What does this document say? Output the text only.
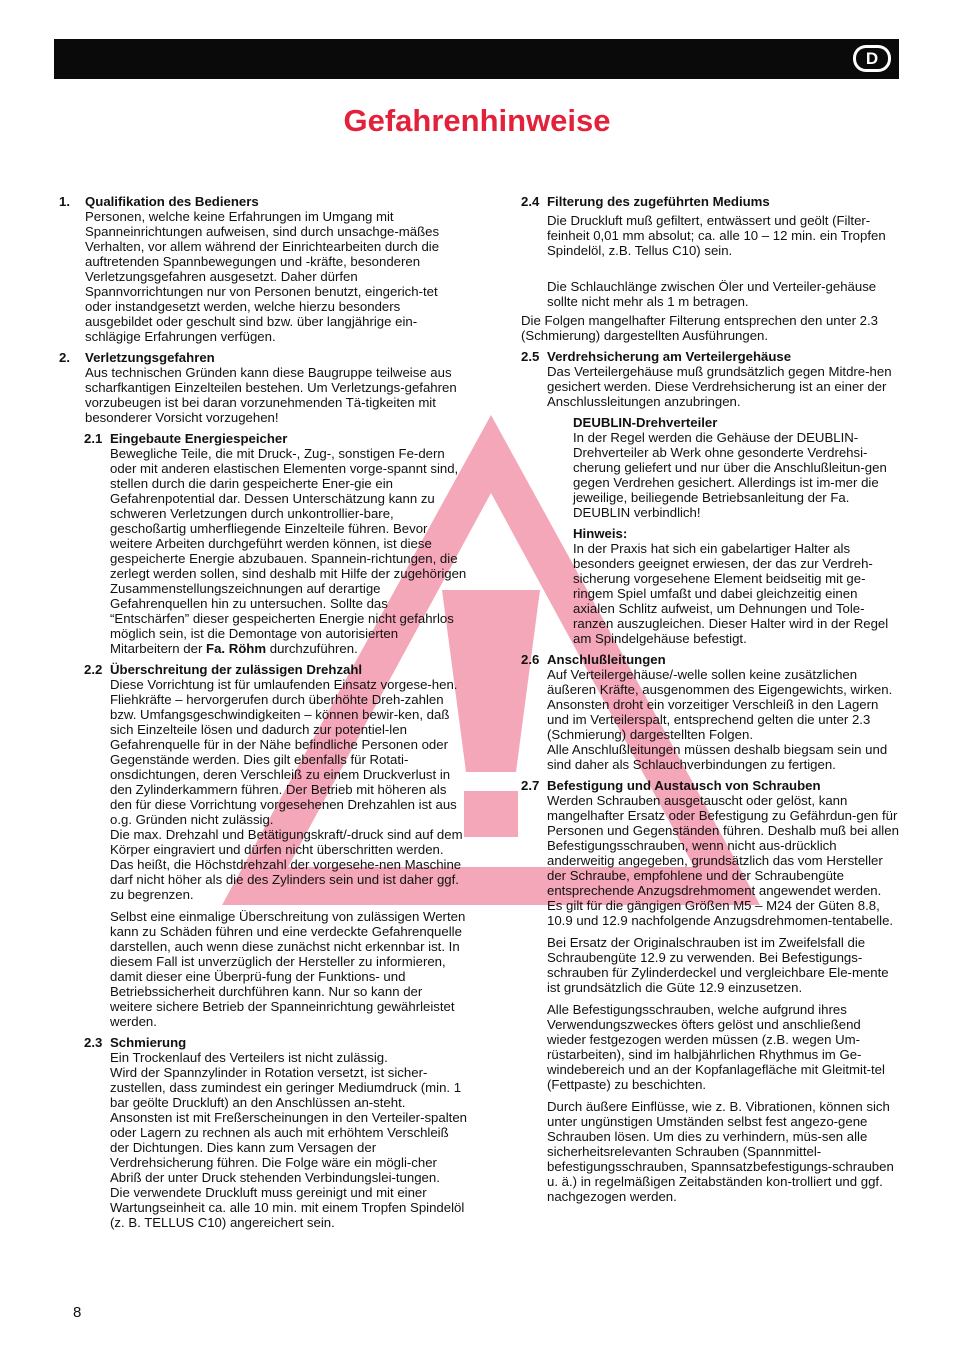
D
Gefahrenhinweise
1.	Qualifikation des Bedieners

Personen, welche keine Erfahrungen im Umgang mit Spanneinrichtungen aufweisen, sind durch unsachge-mäßes Verhalten, vor allem während der Einrichtearbeiten durch die auftretenden Spannbewegungen und -kräfte, besonderen Verletzungsgefahren ausgesetzt. Daher dürfen Spannvorrichtungen nur von Personen benutzt, eingerich-tet oder instandgesetzt werden, welche hierzu besonders ausgebildet oder geschult sind bzw. über langjährige ein-schlägige Erfahrungen verfügen.

2.	Verletzungsgefahren

Aus technischen Gründen kann diese Baugruppe teilweise aus scharfkantigen Einzelteilen bestehen. Um Verletzungs-gefahren vorzubeugen ist bei daran vorzunehmenden Tä-tigkeiten mit besonderer Vorsicht vorzugehen!

2.1 Eingebaute Energiespeicher

Bewegliche Teile, die mit Druck-, Zug-, sonstigen Fe-dern oder mit anderen elastischen Elementen vorge-spannt sind, stellen durch die darin gespeicherte Ener-gie ein Gefahrenpotential dar. Dessen Unterschätzung kann zu schweren Verletzungen durch unkontrollier-bare, geschoßartig umherfliegende Einzelteile führen. Bevor weitere Arbeiten durchgeführt werden können, ist diese gespeicherte Energie abzubauen. Spannein-richtungen, die zerlegt werden sollen, sind deshalb mit Hilfe der zugehörigen Zusammenstellungszeichnungen auf derartige Gefahrenquellen hin zu untersuchen. Sollte das “Entschärfen” dieser gespeicherten Energie nicht gefahrlos möglich sein, ist die Demontage von autorisierten Mitarbeitern der Fa. Röhm durchzuführen.

2.2 Überschreitung der zulässigen Drehzahl

Diese Vorrichtung ist für umlaufenden Einsatz vorgese-hen. Fliehkräfte – hervorgerufen durch überhöhte Dreh-zahlen bzw. Umfangsgeschwindigkeiten – können bewir-ken, daß sich Einzelteile lösen und dadurch zur potentiel-len Gefahrenquelle für in der Nähe befindliche Personen oder Gegenstände werden. Dies gilt ebenfalls für Rotati-onsdichtungen, deren Verschleiß zu einem Druckverlust in den Zylinderkammern führen. Der Betrieb mit höheren als den für diese Vorrichtung vorgesehenen Drehzahlen ist aus o.g. Gründen nicht zulässig.

Die max. Drehzahl und Betätigungskraft/-druck sind auf dem Körper eingraviert und dürfen nicht überschritten werden. Das heißt, die Höchstdrehzahl der vorgesehe-nen Maschine darf nicht höher als die des Zylinders sein und ist daher ggf. zu begrenzen.

Selbst eine einmalige Überschreitung von zulässigen Werten kann zu Schäden führen und eine verdeckte Gefahrenquelle darstellen, auch wenn diese zunächst nicht erkennbar ist. In diesem Fall ist unverzüglich der Hersteller zu informieren, damit dieser eine Überprü-fung der Funktions- und Betriebssicherheit durchführen kann. Nur so kann der weitere sichere Betrieb der Spanneinrichtung gewährleistet werden.

2.3 Schmierung

Ein Trockenlauf des Verteilers ist nicht zulässig.

Wird der Spannzylinder in Rotation versetzt, ist sicher-zustellen, dass zumindest ein geringer Mediumdruck (min. 1 bar geölte Druckluft) an den Anschlüssen an-steht.

Ansonsten ist mit Freßerscheinungen in den Verteiler-spalten oder Lagern zu rechnen als auch mit erhöhtem Verschleiß der Dichtungen. Dies kann zum Versagen der Verdrehsicherung führen. Die Folge wäre ein mögli-cher Abriß der unter Druck stehenden Verbindungslei-tungen.

Die verwendete Druckluft muss gereinigt und mit einer Wartungseinheit ca. alle 10 min. mit einem Tropfen Spindelöl (z. B. TELLUS C10) angereichert sein.

2.4 Filterung des zugeführten Mediums

Die Druckluft muß gefiltert, entwässert und geölt (Filter-feinheit 0,01 mm absolut; ca. alle 10 – 12 min. ein Tropfen Spindelöl, z.B. Tellus C10) sein.

Die Schlauchlänge zwischen Öler und Verteiler-gehäuse sollte nicht mehr als 1 m betragen.

Die Folgen mangelhafter Filterung entsprechen den unter 2.3 (Schmierung) dargestellten Ausführungen.

2.5 Verdrehsicherung am Verteilergehäuse

Das Verteilergehäuse muß grundsätzlich gegen Mitdre-hen gesichert werden. Diese Verdrehsicherung ist an einer der Anschlussleitungen anzubringen.

DEUBLIN-Drehverteiler

In der Regel werden die Gehäuse der DEUBLIN-Drehverteiler ab Werk ohne gesonderte Verdrehsi-cherung geliefert und nur über die Anschlußleitun-gen gegen Verdrehen gesichert. Allerdings ist im-mer die jeweilige, beiliegende Betriebsanleitung der Fa. DEUBLIN verbindlich!

Hinweis:

In der Praxis hat sich ein gabelartiger Halter als besonders geeignet erwiesen, der das zur Verdreh-sicherung vorgesehene Element beidseitig mit ge-ringem Spiel umfaßt und dabei gleichzeitig einen axialen Schlitz aufweist, um Dehnungen und Tole-ranzen auszugleichen. Dieser Halter wird in der Regel am Spindelgehäuse befestigt.

2.6 Anschlußleitungen

Auf Verteilergehäuse/-welle sollen keine zusätzlichen äußeren Kräfte, ausgenommen des Eigengewichts, wirken. Ansonsten droht ein vorzeitiger Verschleiß in den Lagern und im Verteilerspalt, entsprechend gelten die unter 2.3 (Schmierung) dargestellten Folgen.

Alle Anschlußleitungen müssen deshalb biegsam sein und sind daher als Schlauchverbindungen zu fertigen.

2.7 Befestigung und Austausch von Schrauben

Werden Schrauben ausgetauscht oder gelöst, kann mangelhafter Ersatz oder Befestigung zu Gefährdun-gen für Personen und Gegenständen führen. Deshalb muß bei allen Befestigungsschrauben, wenn nicht aus-drücklich anderweitig angegeben, grundsätzlich das vom Hersteller der Schraube, empfohlene und der Schraubengüte entsprechende Anzugsdrehmoment angewendet werden.

Es gilt für die gängigen Größen M5 – M24 der Güten 8.8, 10.9 und 12.9 nachfolgende Anzugsdrehmomen-tentabelle.

Bei Ersatz der Originalschrauben ist im Zweifelsfall die Schraubengüte 12.9 zu verwenden. Bei Befestigungs-schrauben für Zylinderdeckel und vergleichbare Ele-mente ist grundsätzlich die Güte 12.9 einzusetzen.

Alle Befestigungsschrauben, welche aufgrund ihres Verwendungszweckes öfters gelöst und anschließend wieder festgezogen werden müssen (z.B. wegen Um-rüstarbeiten), sind im halbjährlichen Rhythmus im Ge-windebereich und an der Kopfanlagefläche mit Gleitmit-tel (Fettpaste) zu beschichten.

Durch äußere Einflüsse, wie z. B. Vibrationen, können sich unter ungünstigen Umständen selbst fest angezo-gene Schrauben lösen. Um dies zu verhindern, müs-sen alle sicherheitsrelevanten Schrauben (Spannmittel-befestigungsschrauben, Spannsatzbefestigungs-schrauben u. ä.) in regelmäßigen Zeitabständen kon-trolliert und ggf. nachgezogen werden.

8
